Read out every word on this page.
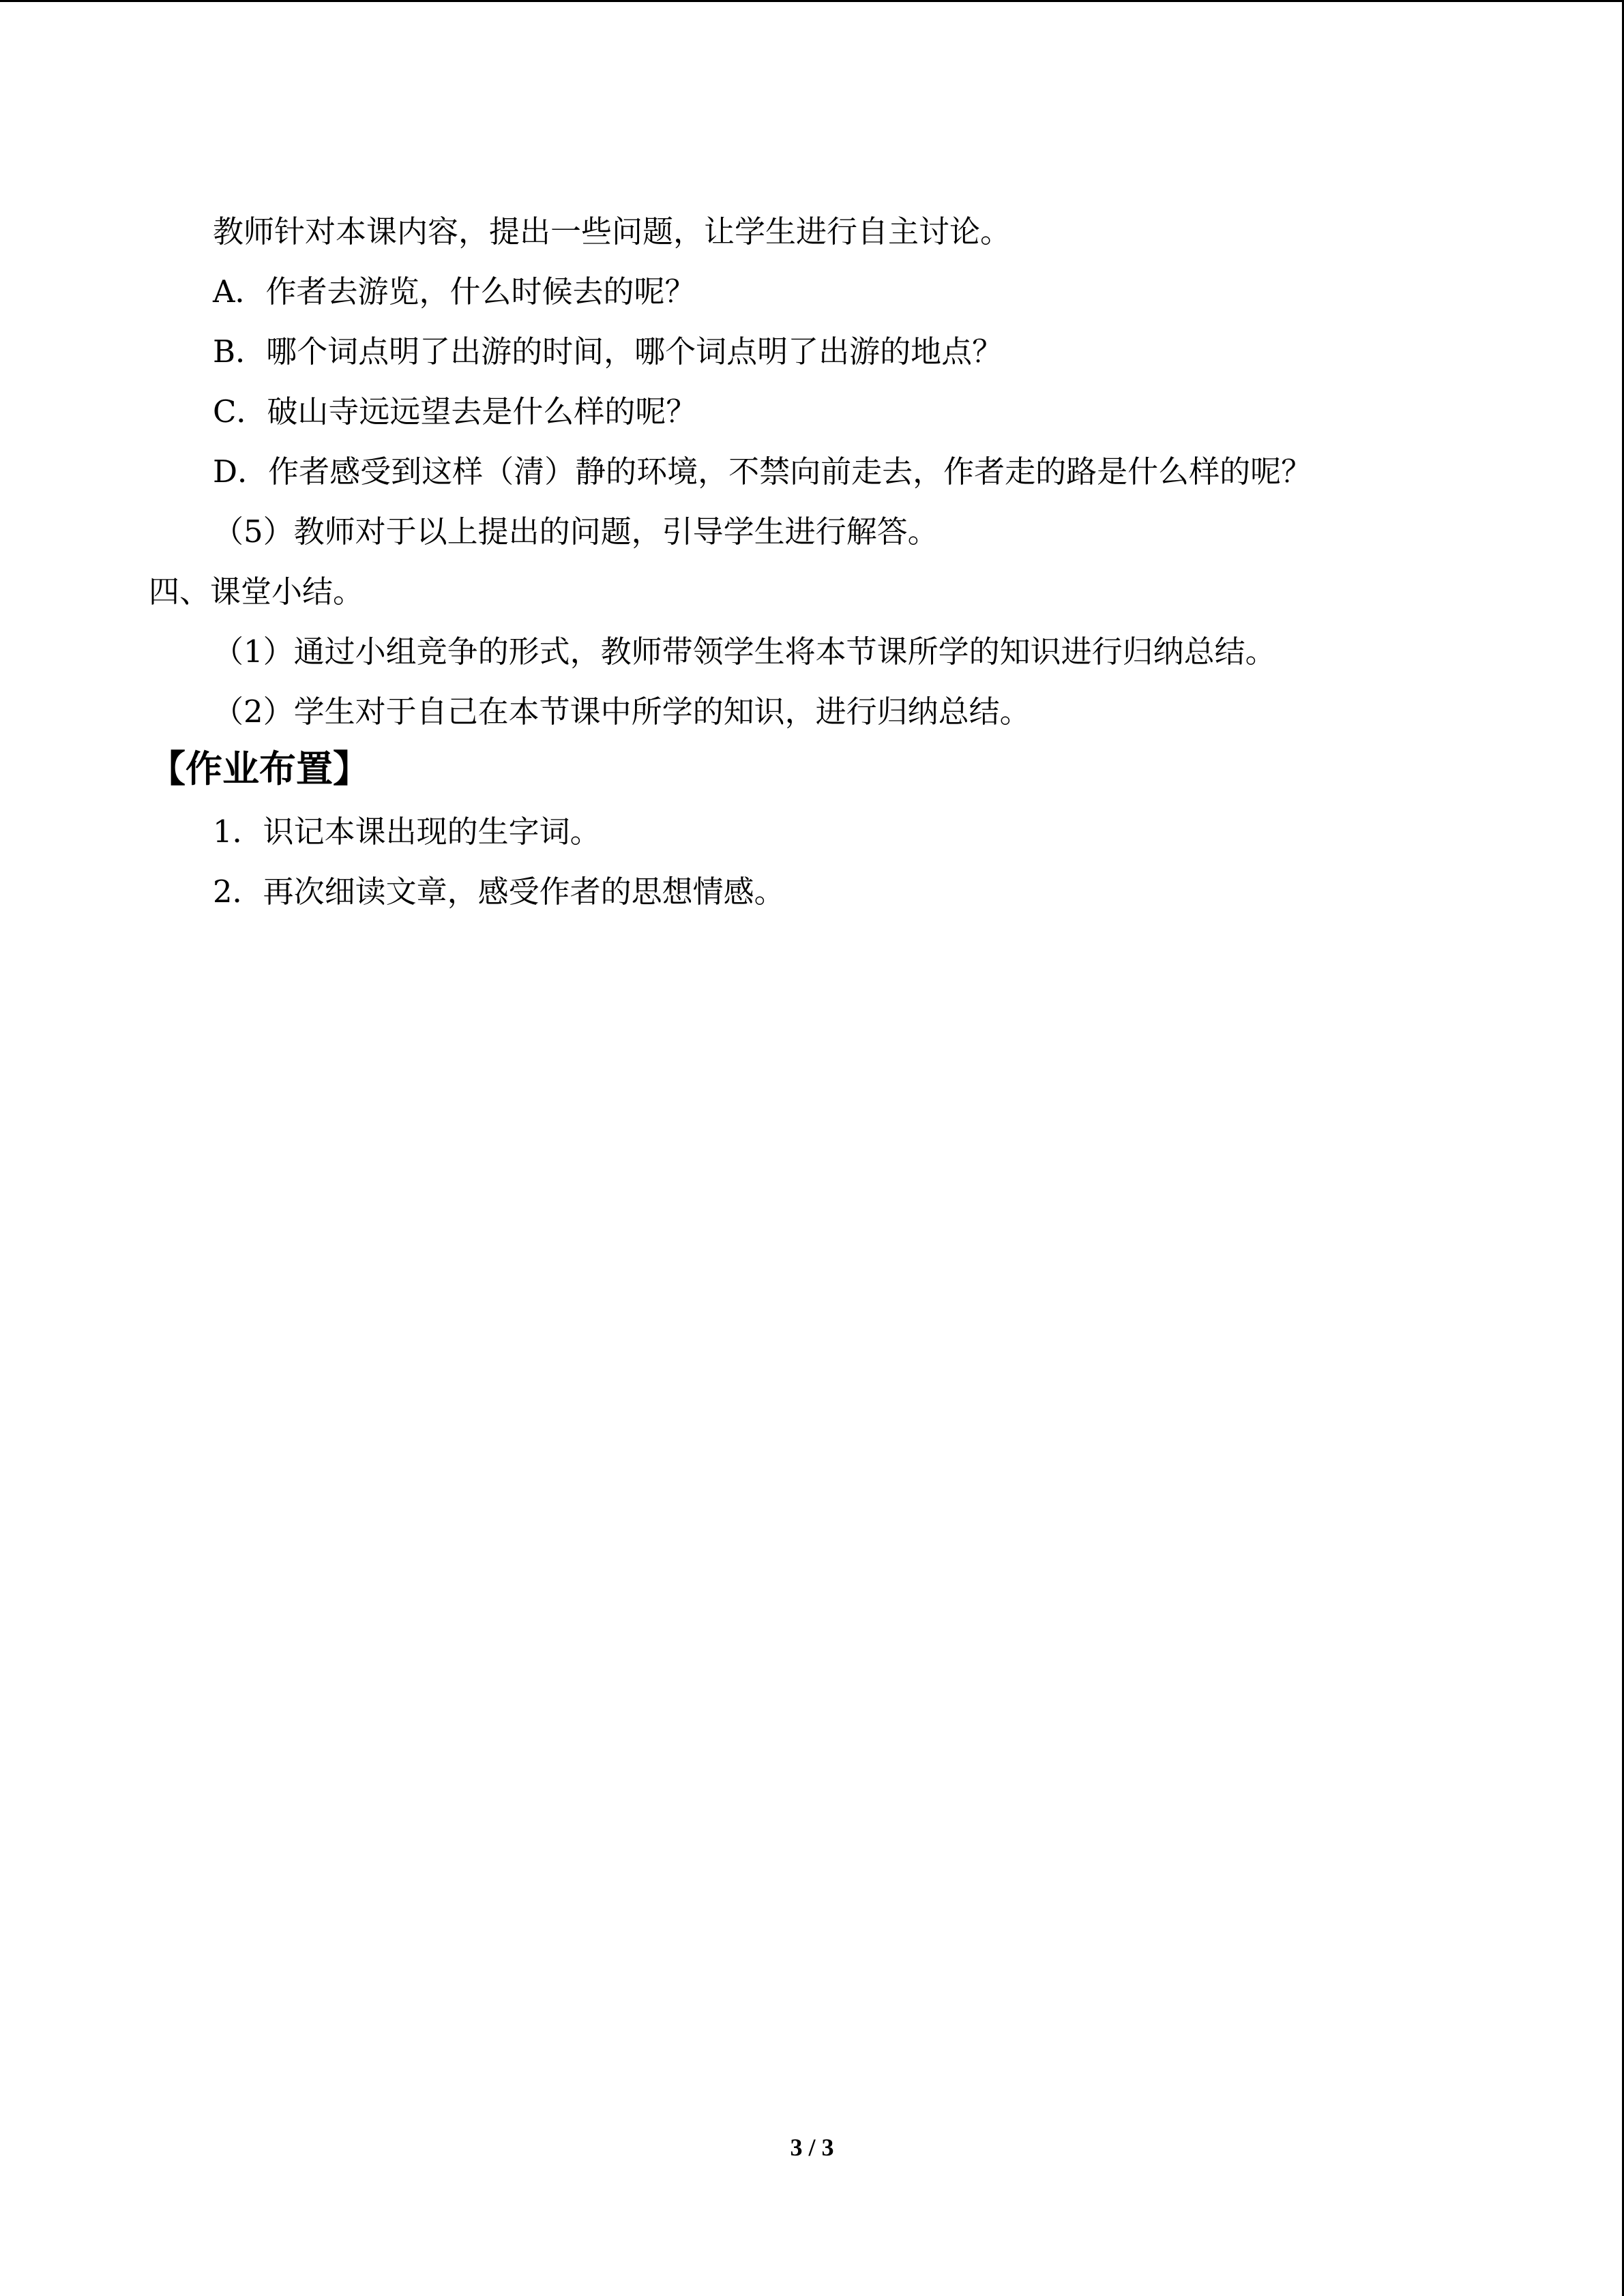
教师针对本课内容，提出一些问题，让学生进行自主讨论。

A．作者去游览，什么时候去的呢？

B．哪个词点明了出游的时间，哪个词点明了出游的地点？

C．破山寺远远望去是什么样的呢？

D．作者感受到这样（清）静的环境，不禁向前走去，作者走的路是什么样的呢？

（5）教师对于以上提出的问题，引导学生进行解答。

四、课堂小结。

（1）通过小组竞争的形式，教师带领学生将本节课所学的知识进行归纳总结。

（2）学生对于自己在本节课中所学的知识，进行归纳总结。

【作业布置】

1．识记本课出现的生字词。

2．再次细读文章，感受作者的思想情感。

3 / 3
